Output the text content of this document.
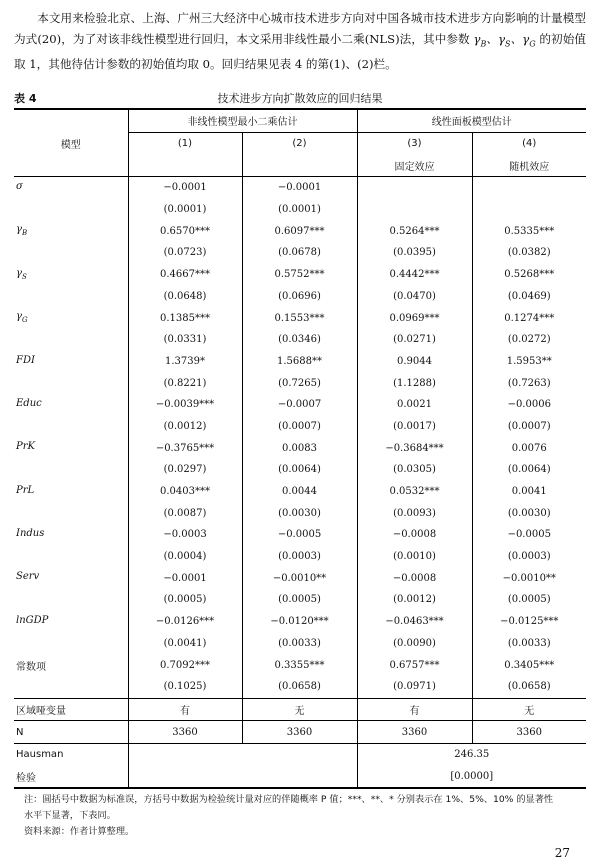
本文用来检验北京、上海、广州三大经济中心城市技术进步方向对中国各城市技术进步方向影响的计量模型为式(20)，为了对该非线性模型进行回归，本文采用非线性最小二乘(NLS)法，其中参数 $\gamma_B$、$\gamma_S$、$\gamma_G$ 的初始值取 1，其他待估计参数的初始值均取 0。回归结果见表 4 的第(1)、(2)栏。
表 4	技术进步方向扩散效应的回归结果
模型	非线性模型最小二乘估计		线性面板模型估计	
	(1)	(2)	(3)	(4)
			固定效应	随机效应
σ	−0.0001	−0.0001		
	(0.0001)	(0.0001)		
$\gamma_B$	0.6570***	0.6097***	0.5264***	0.5335***
	(0.0723)	(0.0678)	(0.0395)	(0.0382)
$\gamma_S$	0.4667***	0.5752***	0.4442***	0.5268***
	(0.0648)	(0.0696)	(0.0470)	(0.0469)
$\gamma_G$	0.1385***	0.1553***	0.0969***	0.1274***
	(0.0331)	(0.0346)	(0.0271)	(0.0272)
FDI	1.3739*	1.5688**	0.9044	1.5953**
	(0.8221)	(0.7265)	(1.1288)	(0.7263)
Educ	−0.0039***	−0.0007	0.0021	−0.0006
	(0.0012)	(0.0007)	(0.0017)	(0.0007)
PrK	−0.3765***	0.0083	−0.3684***	0.0076
	(0.0297)	(0.0064)	(0.0305)	(0.0064)
PrL	0.0403***	0.0044	0.0532***	0.0041
	(0.0087)	(0.0030)	(0.0093)	(0.0030)
Indus	−0.0003	−0.0005	−0.0008	−0.0005
	(0.0004)	(0.0003)	(0.0010)	(0.0003)
Serv	−0.0001	−0.0010**	−0.0008	−0.0010**
	(0.0005)	(0.0005)	(0.0012)	(0.0005)
lnGDP	−0.0126***	−0.0120***	−0.0463***	−0.0125***
	(0.0041)	(0.0033)	(0.0090)	(0.0033)
常数项	0.7092***	0.3355***	0.6757***	0.3405***
	(0.1025)	(0.0658)	(0.0971)	(0.0658)
区域哑变量	有	无	有	无
N	3360	3360	3360	3360
Hausman			246.35	
检验			[0.0000]	
注：圆括号中数据为标准误，方括号中数据为检验统计量对应的伴随概率 P 值；***、**、* 分别表示在 1%、5%、10% 的显著性
水平下显著，下表同。
资料来源：作者计算整理。
27
